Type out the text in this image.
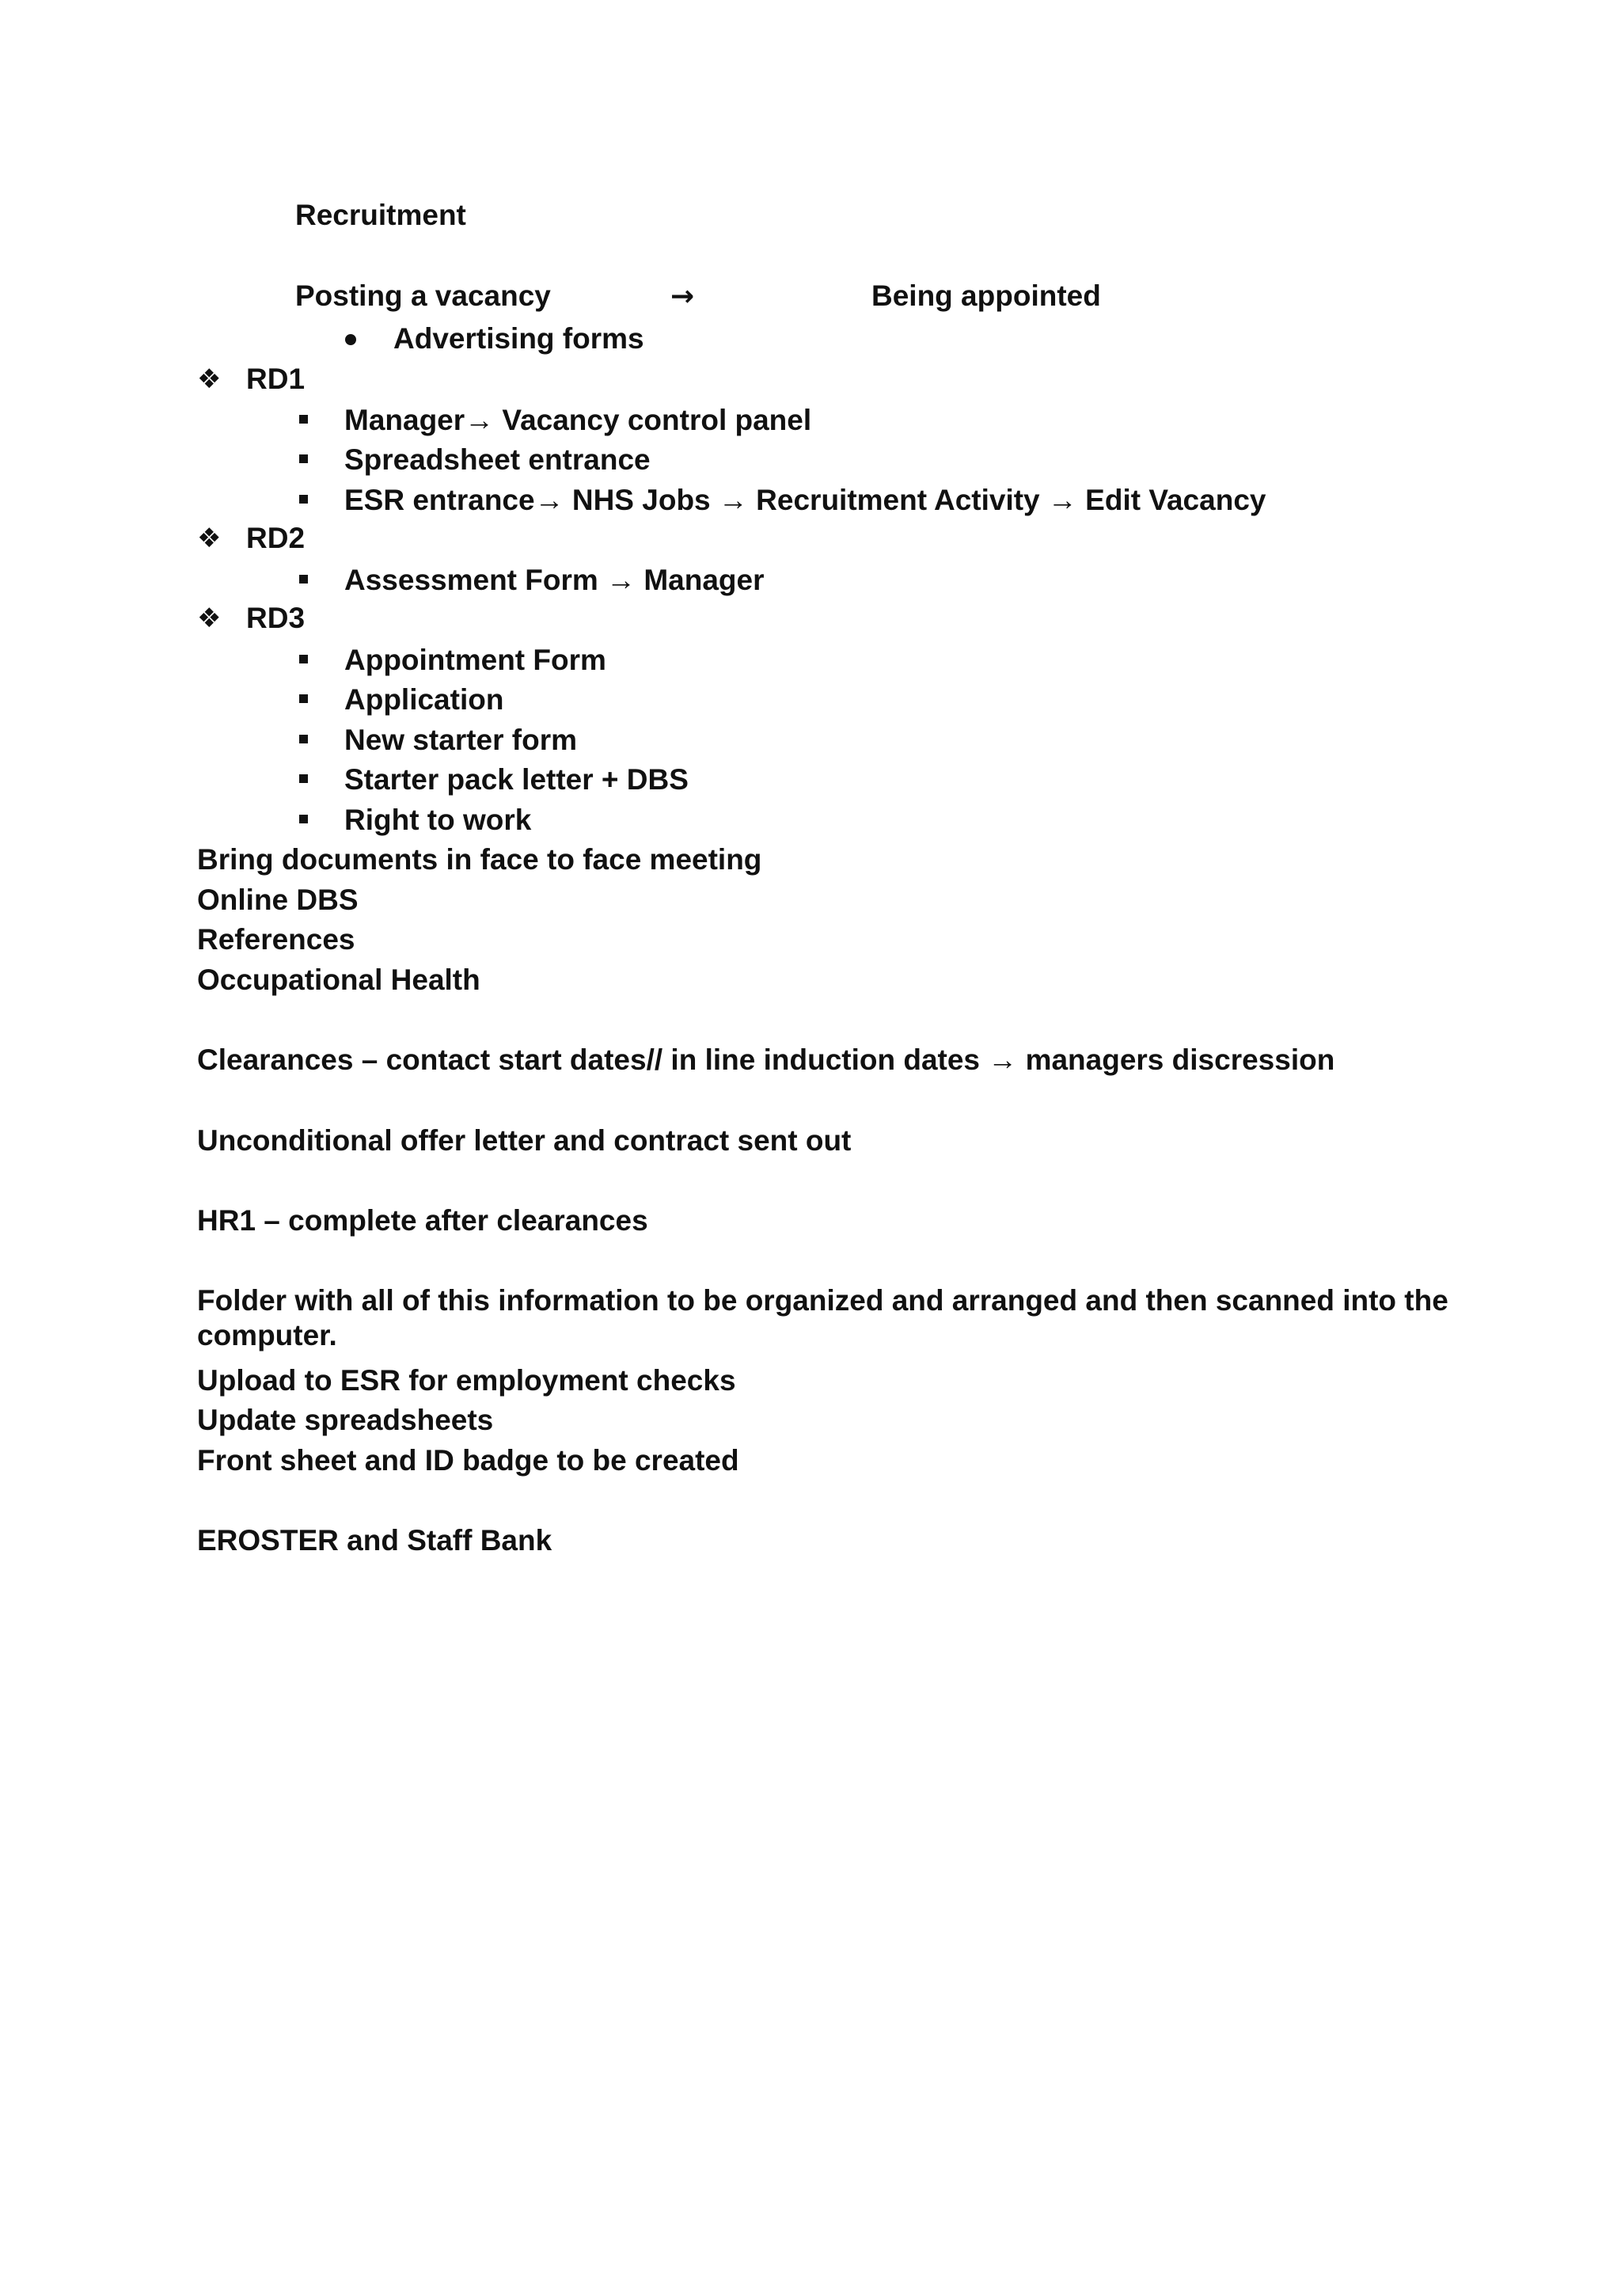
Recruitment
Posting a vacancy	→	Being appointed
Advertising forms
❖ RD1
Manager→ Vacancy control panel
Spreadsheet entrance
ESR entrance→ NHS Jobs → Recruitment Activity → Edit Vacancy
❖ RD2
Assessment Form → Manager
❖ RD3
Appointment Form
Application
New starter form
Starter pack letter + DBS
Right to work
Bring documents in face to face meeting
Online DBS
References
Occupational Health
Clearances – contact start dates// in line induction dates → managers discression
Unconditional offer letter and contract sent out
HR1 – complete after clearances
Folder with all of this information to be organized and arranged and then scanned into the computer.
Upload to ESR for employment checks
Update spreadsheets
Front sheet and ID badge to be created
EROSTER and Staff Bank
